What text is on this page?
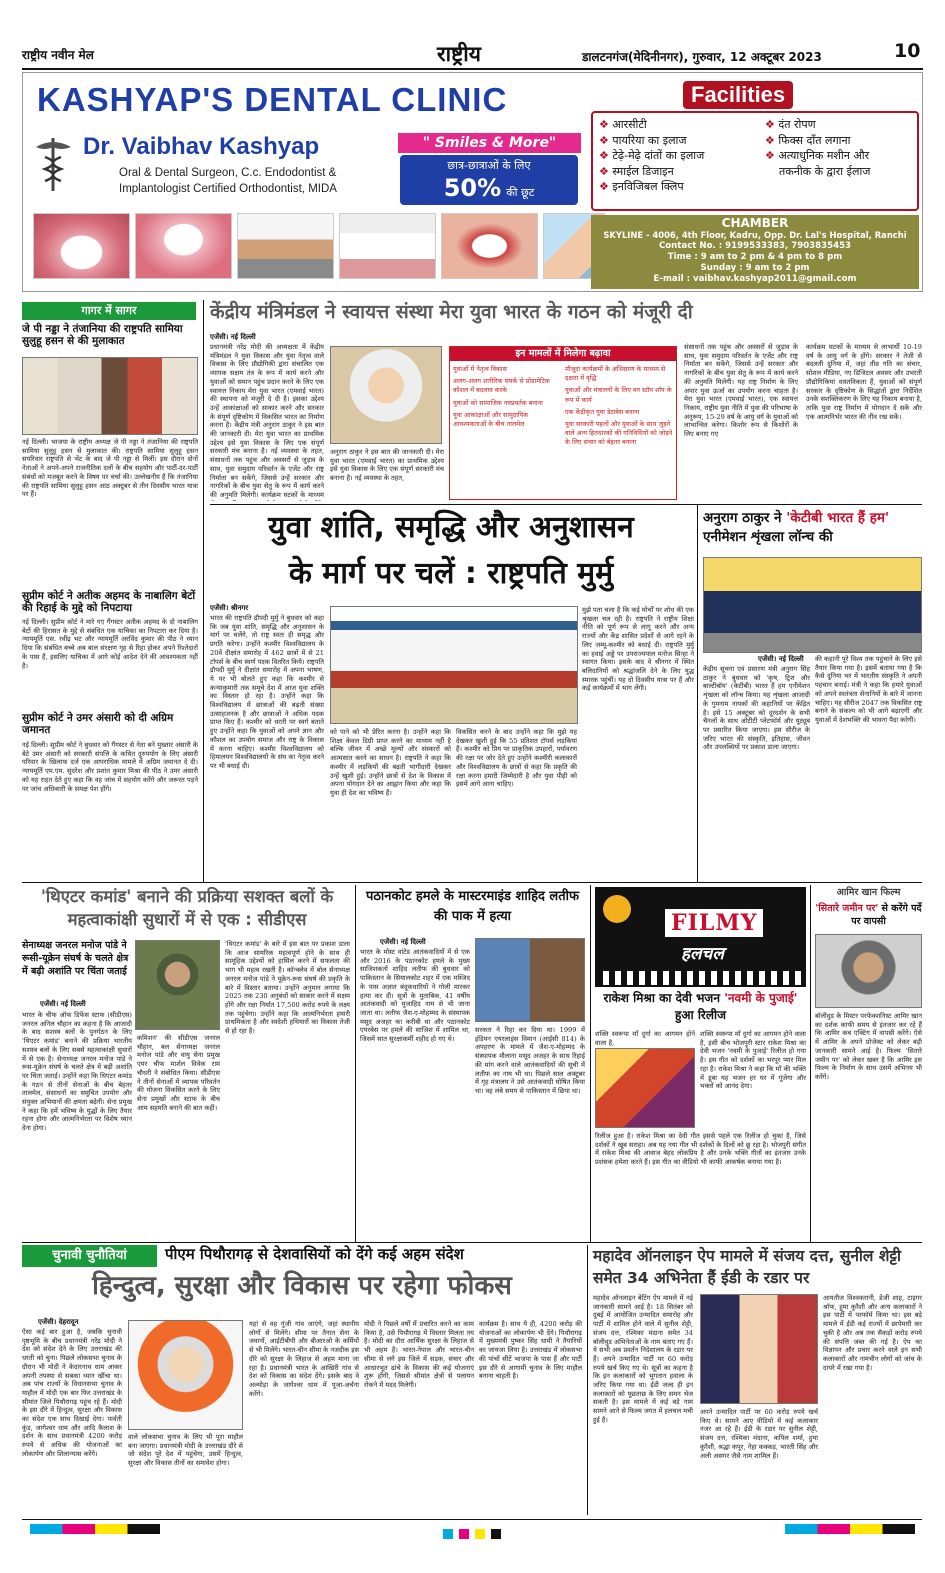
राष्ट्रीय नवीन मेल	राष्ट्रीय	डालटनगंज(मेदिनीनगर), गुरुवार, 12 अक्टूबर 2023	10
KASHYAP'S DENTAL CLINIC
Dr. Vaibhav Kashyap
Oral & Dental Surgeon, C.c. Endodontist &
Implantologist Certified Orthodontist, MIDA
" Smiles & More"
छात्र-छात्राओं के लिए
50% की छूट
Facilities
❖ आरसीटी
❖ पायरिया का इलाज
❖ टेढ़े-मेढ़े दांतों का इलाज
❖ स्माईल डिजाइन
❖ इनविजिबल क्लिप
❖ दंत रोपण
❖ फिक्स दाँत लगाना
❖ अत्याधुनिक मशीन और
तकनीक के द्वारा ईलाज
CHAMBER
SKYLINE - 4006, 4th Floor, Kadru, Opp. Dr. Lal's Hospital, Ranchi
Contact No. : 9199533383, 7903835453
Time : 9 am to 2 pm & 4 pm to 8 pm
Sunday : 9 am to 2 pm
E-mail : vaibhav.kashyap2011@gmail.com
गागर में सागर
जे पी नड्डा ने तंजानिया की राष्ट्रपति सामिया सुलुहू हसन से की मुलाकात
नई दिल्ली। भाजपा के राष्ट्रीय अध्यक्ष जे पी नड्डा ने तंजानिया की राष्ट्रपति सामिया सुलुहू हसन से मुलाकात की। राष्ट्रपति सामिया सुलुहू हसन सपरिवार राष्ट्रपति से भेंट के बाद जे पी नड्डा से मिलीं। इस दौरान दोनों नेताओं ने अपने-अपने राजनीतिक दलों के बीच सहयोग और पार्टी-दर-पार्टी संबंधों को मजबूत करने के विषय पर चर्चा की। उल्लेखनीय है कि तंजानिया की राष्ट्रपति सामिया सुलुहू हसन आठ अक्टूबर से तीन दिवसीय भारत यात्रा पर हैं।
सुप्रीम कोर्ट ने अतीक अहमद के नाबालिग बेटों की रिहाई के मुद्दे को निपटाया
नई दिल्ली। सुप्रीम कोर्ट ने मारे गए गैंगस्टर अतीक अहमद के दो नाबालिग बेटों की हिरासत के मुद्दे से संबंधित एक याचिका का निपटारा कर दिया है। न्यायमूर्ति एस. रवींद्र भट और न्यायमूर्ति अरविंद कुमार की पीठ ने ध्यान दिया कि संबंधित बच्चे अब बाल संरक्षण गृह से रिहा होकर अपने रिश्तेदारों के पास हैं, इसलिए याचिका में आगे कोई आदेश देने की आवश्यकता नहीं है।
सुप्रीम कोर्ट ने उमर अंसारी को दी अग्रिम जमानत
नई दिल्ली। सुप्रीम कोर्ट ने बुधवार को गैंगस्टर से नेता बने मुख्तार अंसारी के बेटे उमर अंसारी को सरकारी संपत्ति के कथित दुरुपयोग के लिए अंसारी परिवार के खिलाफ दर्ज एक आपराधिक मामले में अग्रिम जमानत दे दी। न्यायमूर्ति एम.एम. सुंदरेश और प्रशांत कुमार मिश्रा की पीठ ने उमर अंसारी को यह राहत देते हुए कहा कि वह जांच में सहयोग करेंगे और जरूरत पड़ने पर जांच अधिकारी के समक्ष पेश होंगे।
केंद्रीय मंत्रिमंडल ने स्वायत्त संस्था मेरा युवा भारत के गठन को मंजूरी दी
एजेंसी। नई दिल्ली
प्रधानमंत्री नरेंद्र मोदी की अध्यक्षता में केंद्रीय मंत्रिमंडल ने युवा विकास और युवा नेतृत्व वाले विकास के लिए प्रौद्योगिकी द्वारा संचालित एक व्यापक सक्षम तंत्र के रूप में कार्य करने और युवाओं को समान पहुंच प्रदान करने के लिए एक स्वायत्त निकाय मेरा युवा भारत (एमवाई भारत) की स्थापना को मंजूरी दे दी है। इसका उद्देश्य उन्हें आकांक्षाओं को साकार करने और सरकार के संपूर्ण दृष्टिकोण में विकसित भारत का निर्माण करना है। केंद्रीय मंत्री अनुराग ठाकुर ने इस बात की जानकारी दी। मेरा युवा भारत का प्राथमिक उद्देश्य इसे युवा विकास के लिए एक संपूर्ण सरकारी मंच बनाना है। नई व्यवस्था के तहत, संसाधनों तक पहुंच और अवसरों से जुड़ाव के साथ, युवा समुदाय परिवर्तन के एजेंट और राष्ट्र निर्माता बन सकेंगे, जिससे उन्हें सरकार और नागरिकों के बीच युवा सेतु के रूप में कार्य करने की अनुमति मिलेगी। कार्यक्रम घटकों के माध्यम
अनुराग ठाकुर ने इस बात की जानकारी दी। मेरा युवा भारत (एमवाई भारत) का प्राथमिक उद्देश्य इसे युवा विकास के लिए एक संपूर्ण सरकारी मंच बनाना है। नई व्यवस्था के तहत,
इन मामलों में मिलेगा बढ़ावा
युवाओं में नेतृत्व विकास
अलग-अलग शारीरिक संपर्क से प्रोग्रामेटिक कौशल में बदलाव करके
युवाओं को सामाजिक नवप्रवर्तक बनाना
युवा आकांक्षाओं और सामुदायिक आवश्यकताओं के बीच तालमेल
मौजूदा कार्यक्रमों के अभिसरण के माध्यम से दक्षता में वृद्धि
युवाओं और मंत्रालयों के लिए वन स्टॉप शॉप के रूप में कार्य
एक केंद्रीकृत युवा डेटाबेस बनाना
युवा सरकारी पहलों और युवाओं के साथ जुड़ने वाले अन्य हितधारकों की गतिविधियों को जोड़ने के लिए संचार को बेहतर बनाना
संसाधनों तक पहुंच और अवसरों से जुड़ाव के साथ, युवा समुदाय परिवर्तन के एजेंट और राष्ट्र निर्माता बन सकेंगे, जिससे उन्हें सरकार और नागरिकों के बीच युवा सेतु के रूप में कार्य करने की अनुमति मिलेगी। यह राष्ट्र निर्माण के लिए अपार युवा ऊर्जा का उपयोग करना चाहता है। मेरा युवा भारत (एमवाई भारत), एक स्वायत्त निकाय, राष्ट्रीय युवा नीति में युवा की परिभाषा के अनुरूप, 15-29 वर्ष के आयु वर्ग के युवाओं को लाभान्वित करेगा। किशोर रूप से किशोरों के लिए बनाए गए
कार्यक्रम घटकों के माध्यम से लाभार्थी 10-19 वर्ष के आयु वर्ग के होंगे। सरकार ने तेजी से बदलती दुनिया में, जहां तीव्र गति का संचार, सोशल मीडिया, नए डिजिटल अवसर और उभरती प्रौद्योगिकियां वास्तविकता हैं, युवाओं को संपूर्ण सरकार के दृष्टिकोण के सिद्धांतों द्वारा निर्देशित उनके सशक्तिकरण के लिए यह निकाय बनाया है, ताकि युवा राष्ट्र निर्माण में योगदान दे सकें और एक आत्मनिर्भर भारत की नींव रख सकें।
युवा शांति, समृद्धि और अनुशासन
के मार्ग पर चलें : राष्ट्रपति मुर्मु
एजेंसी। श्रीनगर
भारत की राष्ट्रपति द्रौपदी मुर्मु ने बुधवार को कहा कि जब युवा शांति, समृद्धि और अनुशासन के मार्ग पर चलेंगे, तो राष्ट्र स्वतः ही समृद्ध और प्रगति करेगा। उन्होंने कश्मीर विश्वविद्यालय के 20वें दीक्षांत समारोह में 462 छात्रों में से 21 टॉपर्स के बीच स्वर्ण पदक वितरित किये। राष्ट्रपति द्रौपदी मुर्मु ने दीक्षांत समारोह में अपना भाषण, ये पर भी बोलते हुए कहा कि कश्मीर से कन्याकुमारी तक समूचे देश में आज युवा शक्ति का विस्तार हो रहा है। उन्होंने कहा कि विश्वविद्यालय में छात्राओं की बढ़ती संख्या उत्साहजनक है और छात्राओं ने अधिक पदक प्राप्त किए हैं। कश्मीर को धरती पर स्वर्ग बताते हुए उन्होंने कहा कि युवाओं को अपने ज्ञान और कौशल का उपयोग समाज और राष्ट्र के विकास में करना चाहिए। कश्मीर विश्वविद्यालय को हिमालयन विश्वविद्यालयों के संघ का नेतृत्व करने पर भी बधाई दी।
को पाने को भी प्रेरित करना है। उन्होंने कहा कि शिक्षा केवल डिग्री प्राप्त करने का माध्यम नहीं है बल्कि जीवन में अच्छे मूल्यों और संस्कारों को आत्मसात करने का साधन है। राष्ट्रपति ने कहा कि कश्मीर में लड़कियों की बढ़ती भागीदारी देखकर उन्हें खुशी हुई। उन्होंने छात्रों से देश के विकास में अपना योगदान देने का आह्वान किया और कहा कि युवा ही देश का भविष्य हैं।
विकसित करने के बाद उन्होंने कहा कि मुझे यह देखकर खुशी हुई कि 55 प्रतिशत टॉपर्स लड़कियां हैं। कश्मीर को प्रिय पर प्राकृतिक उपहारों, पर्यावरण की रक्षा पर जोर देते हुए उन्होंने कश्मीरी कलाकारों और विश्वविद्यालय के छात्रों से कहा कि प्रकृति की रक्षा करना हमारी जिम्मेदारी है और युवा पीढ़ी को इसमें आगे आना चाहिए।
मुझे पता चला है कि कई मोर्चों पर शोध की एक श्रृंखला चल रही है। राष्ट्रपति ने राष्ट्रीय शिक्षा नीति को पूर्ण रूप से लागू करने और अन्य राज्यों और केंद्र शासित प्रदेशों से आगे रहने के लिए जम्मू-कश्मीर को बधाई दी। राष्ट्रपति मुर्मु का हवाई अड्डे पर उपराज्यपाल मनोज सिन्हा ने स्वागत किया। इसके बाद वे श्रीनगर में स्थित बलिदानियों को श्रद्धांजलि देने के लिए युद्ध स्मारक पहुंचीं। यह दो दिवसीय यात्रा पर हैं और कई कार्यक्रमों में भाग लेंगी।
अनुराग ठाकुर ने 'केटीबी भारत हैं हम' एनीमेशन शृंखला लॉन्च की
एजेंसी। नई दिल्ली
केंद्रीय सूचना एवं प्रसारण मंत्री अनुराग सिंह ठाकुर ने बुधवार को 'कृष, ट्रिश और बाल्टीबॉय' (केटीबी) भारत हैं हम एनीमेशन शृंखला को लॉन्च किया। यह शृंखला आजादी के गुमनाम नायकों की कहानियों पर केंद्रित है। इसे 15 अक्टूबर को दूरदर्शन के सभी चैनलों के साथ ओटीटी प्लेटफॉर्म और यूट्यूब पर प्रसारित किया जाएगा। इस सीरीज के जरिए भारत की संस्कृति, इतिहास, जीवन और उपलब्धियों पर प्रकाश डाला जाएगा।
की कहानी पूरे विश्व तक पहुंचाने के लिए इसे तैयार किया गया है। इसमें बताया गया है कि कैसे दुनिया भर में भारतीय संस्कृति ने अपनी पहचान बनाई। मंत्री ने कहा कि हमारे युवाओं को अपने स्वतंत्रता सेनानियों के बारे में जानना चाहिए। यह सीरीज 2047 तक विकसित राष्ट्र बनाने के संकल्प को भी आगे बढ़ाएगी और युवाओं में देशभक्ति की भावना पैदा करेगी।
'थिएटर कमांड' बनाने की प्रक्रिया सशक्त बलों के महत्वाकांक्षी सुधारों में से एक : सीडीएस
सेनाध्यक्ष जनरल मनोज पांडे ने रूसी-यूक्रेन संघर्ष के चलते क्षेत्र में बढ़ी अशांति पर चिंता जताई
एजेंसी। नई दिल्ली
भारत के चीफ ऑफ डिफेंस स्टाफ (सीडीएस) जनरल अनिल चौहान का कहना है कि आजादी के बाद सशस्त्र बलों के पुनर्गठन के लिए 'थिएटर कमांड' बनाने की प्रक्रिया भारतीय सशस्त्र बलों के लिए सबसे महत्वाकांक्षी सुधारों में से एक है। सेनाध्यक्ष जनरल मनोज पांडे ने रूस-यूक्रेन संघर्ष के चलते क्षेत्र में बढ़ी अशांति पर चिंता जताई। उन्होंने कहा कि थिएटर कमांड के गठन से तीनों सेनाओं के बीच बेहतर तालमेल, संसाधनों का समुचित उपयोग और संयुक्त अभियानों की क्षमता बढ़ेगी। सेना प्रमुख ने कहा कि हमें भविष्य के युद्धों के लिए तैयार रहना होगा और आत्मनिर्भरता पर विशेष ध्यान देना होगा।
कमिशन' की सीडीएस जनरल चौहान, बल सेनाध्यक्ष जनरल मनोज पांडे और वायु सेना प्रमुख एयर चीफ मार्शल विवेक राम चौधरी ने संबोधित किया। सीडीएस ने तीनों सेनाओं में व्यापक परिवर्तन की योजना विकसित करने के लिए सेना प्रमुखों और स्टाफ के बीच आम सहमति बनाने की बात कही।
'थिएटर कमांड' के बारे में इस बात पर प्रकाश डाला कि आज सामरिक महत्वपूर्ण होने के साथ ही सामूहिक उद्देश्यों को हासिल करने में सफलता की भाग भी महत्व रखती है। कॉन्क्लेव में बोल सेनाध्यक्ष जनरल मनोज पांडे ने यूक्रेन-रूस संघर्ष की प्रकृति के बारे में विस्तार बताया। उन्होंने अनुमान लगाया कि 2025 तक 230 अनुबंधों को साकार करने में सक्षम होंगे और रक्षा निर्यात 17,500 करोड़ रुपये के लक्ष्य तक पहुंचेगा। उन्होंने कहा कि आत्मनिर्भरता हमारी प्राथमिकता है और स्वदेशी हथियारों का विकास तेजी से हो रहा है।
पठानकोट हमले के मास्टरमाइंड शाहिद लतीफ की पाक में हत्या
एजेंसी। नई दिल्ली
भारत के मोस्ट वांटेड आतंकवादियों में से एक और 2016 के पठानकोट हमले के मुख्य साजिशकर्ता शाहिद लतीफ की बुधवार को पाकिस्तान के सियालकोट शहर में एक मस्जिद के पास अज्ञात बंदूकधारियों ने गोली मारकर हत्या कर दी। सूत्रों के मुताबिक, 41 वर्षीय आतंकवादी को मुजाहिद नाम से भी जाना जाता था। लतीफ जैश-ए-मोहम्मद के संस्थापक मसूद अजहर का करीबी था और पठानकोट एयरबेस पर हमले की साजिश में शामिल था, जिसमें सात सुरक्षाकर्मी शहीद हो गए थे।
सरकार ने रिहा कर दिया था। 1999 में इंडियन एयरलाइंस विमान (आईसी 814) के अपहरण के मामले में जैश-ए-मोहम्मद के संस्थापक मौलाना मसूद अजहर के साथ रिहाई की मांग करने वाले आतंकवादियों की सूची में लतीफ का नाम भी था। पिछले साल अक्टूबर में गृह मंत्रालय ने उसे आतंकवादी घोषित किया था। वह लंबे समय से पाकिस्तान में छिपा था।
FILMY
हलचल
राकेश मिश्रा का देवी भजन 'नवमी के पुजाई' हुआ रिलीज
शक्ति स्वरूपा माँ दुर्गा का आगमन होने वाला है,
शक्ति स्वरूपा माँ दुर्गा का आगमन होने वाला है, इसी बीच भोजपुरी स्टार राकेश मिश्रा का देवी भजन 'नवमी के पुजाई' रिलीज हो गया है। इस गीत को दर्शकों का भरपूर प्यार मिल रहा है। राकेश मिश्रा ने कहा कि माँ की भक्ति में डूबा यह भजन हर घर में गूंजेगा और भक्तों को आनंद देगा।
रिलीज हुआ है। राकेश मिश्रा का देवी गीत इससे पहले एक रिलीज हो चुका है, जिसे दर्शकों ने खूब सराहा। अब यह नया गीत भी दर्शकों के दिलों को छू रहा है। भोजपुरी संगीत में राकेश मिश्रा की आवाज बेहद लोकप्रिय है और उनके भक्ति गीतों का इंतजार उनके प्रशंसक हमेशा करते हैं। इस गीत का वीडियो भी काफी आकर्षक बनाया गया है।
आमिर खान फिल्म
'सितारे जमीन पर' से करेंगे पर्दे पर वापसी
बॉलीवुड के मिस्टर परफेक्शनिस्ट आमिर खान का दर्शक काफी समय से इंतजार कर रहे हैं कि आमिर कब एक्टिंग में वापसी करेंगे। ऐसे में आमिर के अपने प्रोजेक्ट को लेकर बड़ी जानकारी सामने आई है। फिल्म 'सितारे जमीन पर' को लेकर खबर है कि आमिर इस फिल्म के निर्माण के साथ उसमें अभिनय भी करेंगे।
चुनावी चुनौतियां	पीएम पिथौरागढ़ से देशवासियों को देंगे कई अहम संदेश
हिन्दुत्व, सुरक्षा और विकास पर रहेगा फोकस
एजेंसी। देहरादून
ऐसा कई बार हुआ है, जबकि चुनावी पृष्ठभूमि के बीच प्रधानमंत्री नरेंद्र मोदी ने देश को संदेश देने के लिए उत्तराखंड की धरती को चुना। पिछले लोकसभा चुनाव के दौरान भी मोदी ने केदारनाथ धाम आकर अपनी तपस्या से सबका ध्यान खींचा था। अब पांच राज्यों के विधानसभा चुनाव के माहौल में मोदी एक बार फिर उत्तराखंड के सीमांत जिले पिथौरागढ़ पहुंच रहे हैं। मोदी के इस दौरे में हिन्दुत्व, सुरक्षा और विकास का संदेश एक साथ दिखाई देगा। पार्वती कुंड, जागेश्वर धाम और आदि कैलाश के दर्शन के साथ प्रधानमंत्री 4200 करोड़ रुपये से अधिक की योजनाओं का लोकार्पण और शिलान्यास करेंगे।
वाले लोकसभा चुनाव के लिए भी पूरा माहौल बना जाएगा। प्रधानमंत्री मोदी के उत्तराखंड दौरे से जो संदेश पूरे देश में पहुंचेगा, उसमें हिन्दुत्व, सुरक्षा और विकास तीनों का समावेश होगा।
यहां से वह गुंजी गांव जाएंगे, जहां स्थानीय लोगों से मिलेंगे। सीमा पर तैनात सेना के जवानों, आईटीबीपी और बीआरओ के कर्मियों से भी मिलेंगे। भारत-चीन सीमा के नजदीक इस दौरे को सुरक्षा के लिहाज से अहम माना जा रहा है। प्रधानमंत्री भारत के आखिरी गांव से देश को विकास का संदेश देंगे। इसके बाद वे अल्मोड़ा के जागेश्वर धाम में पूजा-अर्चना करेंगे।
मोदी ने पिछले वर्षों में प्रचारित करने का काम किया है, उसे पिथौरागढ़ में विस्तार मिलता तय है। मोदी का दौरा आर्थिक सुरक्षा के लिहाज से भी अहम है। भारत-नेपाल और भारत-चीन सीमा से लगे इस जिले में सड़क, संचार और आधारभूत ढांचे के विकास की कई योजनाएं शुरू होंगी, जिससे सीमांत क्षेत्रों से पलायन रोकने में मदद मिलेगी।
कार्यक्रम है। साथ ये ही, 4200 करोड़ की योजनाओं का लोकार्पण भी देंगे। पिथौरागढ़ में मुख्यमंत्री पुष्कर सिंह धामी ने तैयारियों का जायजा लिया है। उत्तराखंड में लोकसभा की पांचों सीटें भाजपा के पास हैं और पार्टी इस दौरे से आगामी चुनाव के लिए माहौल बनाना चाहती है।
महादेव ऑनलाइन ऐप मामले में संजय दत्त, सुनील शेट्टी समेत 34 अभिनेता हैं ईडी के रडार पर
महादेव ऑनलाइन बेटिंग ऐप मामले में नई जानकारी सामने आई है। 18 सितंबर को दुबई में आयोजित उन्मादित समारोह और पार्टी में शामिल होने वाले में सुनील शेट्टी, संजय दत्त, रश्मिका मंदाना समेत 34 बॉलीवुड अभिनेताओं के नाम बताए गए हैं। ये सभी अब प्रवर्तन निदेशालय के रडार पर हैं। अपने उन्मादित पार्टी पर 60 करोड़ रुपये खर्च किए गए थे। सूत्रों का कहना है कि इन कलाकारों को भुगतान हवाला के जरिए किया गया था। ईडी जल्द ही इन कलाकारों को पूछताछ के लिए समन भेज सकती है। इस मामले में कई बड़े नाम सामने आने से फिल्म जगत में हलचल मची हुई है।
अपने उन्मादित पार्टी पर 60 करोड़ रुपये खर्च किए थे। सामने आए वीडियो में कई कलाकार नजर आ रहे हैं। ईडी के रडार पर सुनील शेट्टी, संजय दत्त, रश्मिका मंदाना, कपिल शर्मा, हुमा कुरैशी, श्रद्धा कपूर, नेहा कक्कड़, भारती सिंह और अली असगर जैसे नाम शामिल हैं।
आयतीज विश्वकरानी, डेजी शाह, टाइगर श्रॉफ, हुमा कुरैशी और अन्य कलाकारों ने इस पार्टी में परफॉर्म किया था। इस बड़े मामले में ईडी कई राज्यों में छापेमारी कर चुकी है और अब तक सैकड़ों करोड़ रुपये की संपत्ति जब्त की गई है। ऐप का विज्ञापन और प्रचार करने वाले इन सभी कलाकारों और नामचीन लोगों को जांच के दायरे में रखा गया है।
